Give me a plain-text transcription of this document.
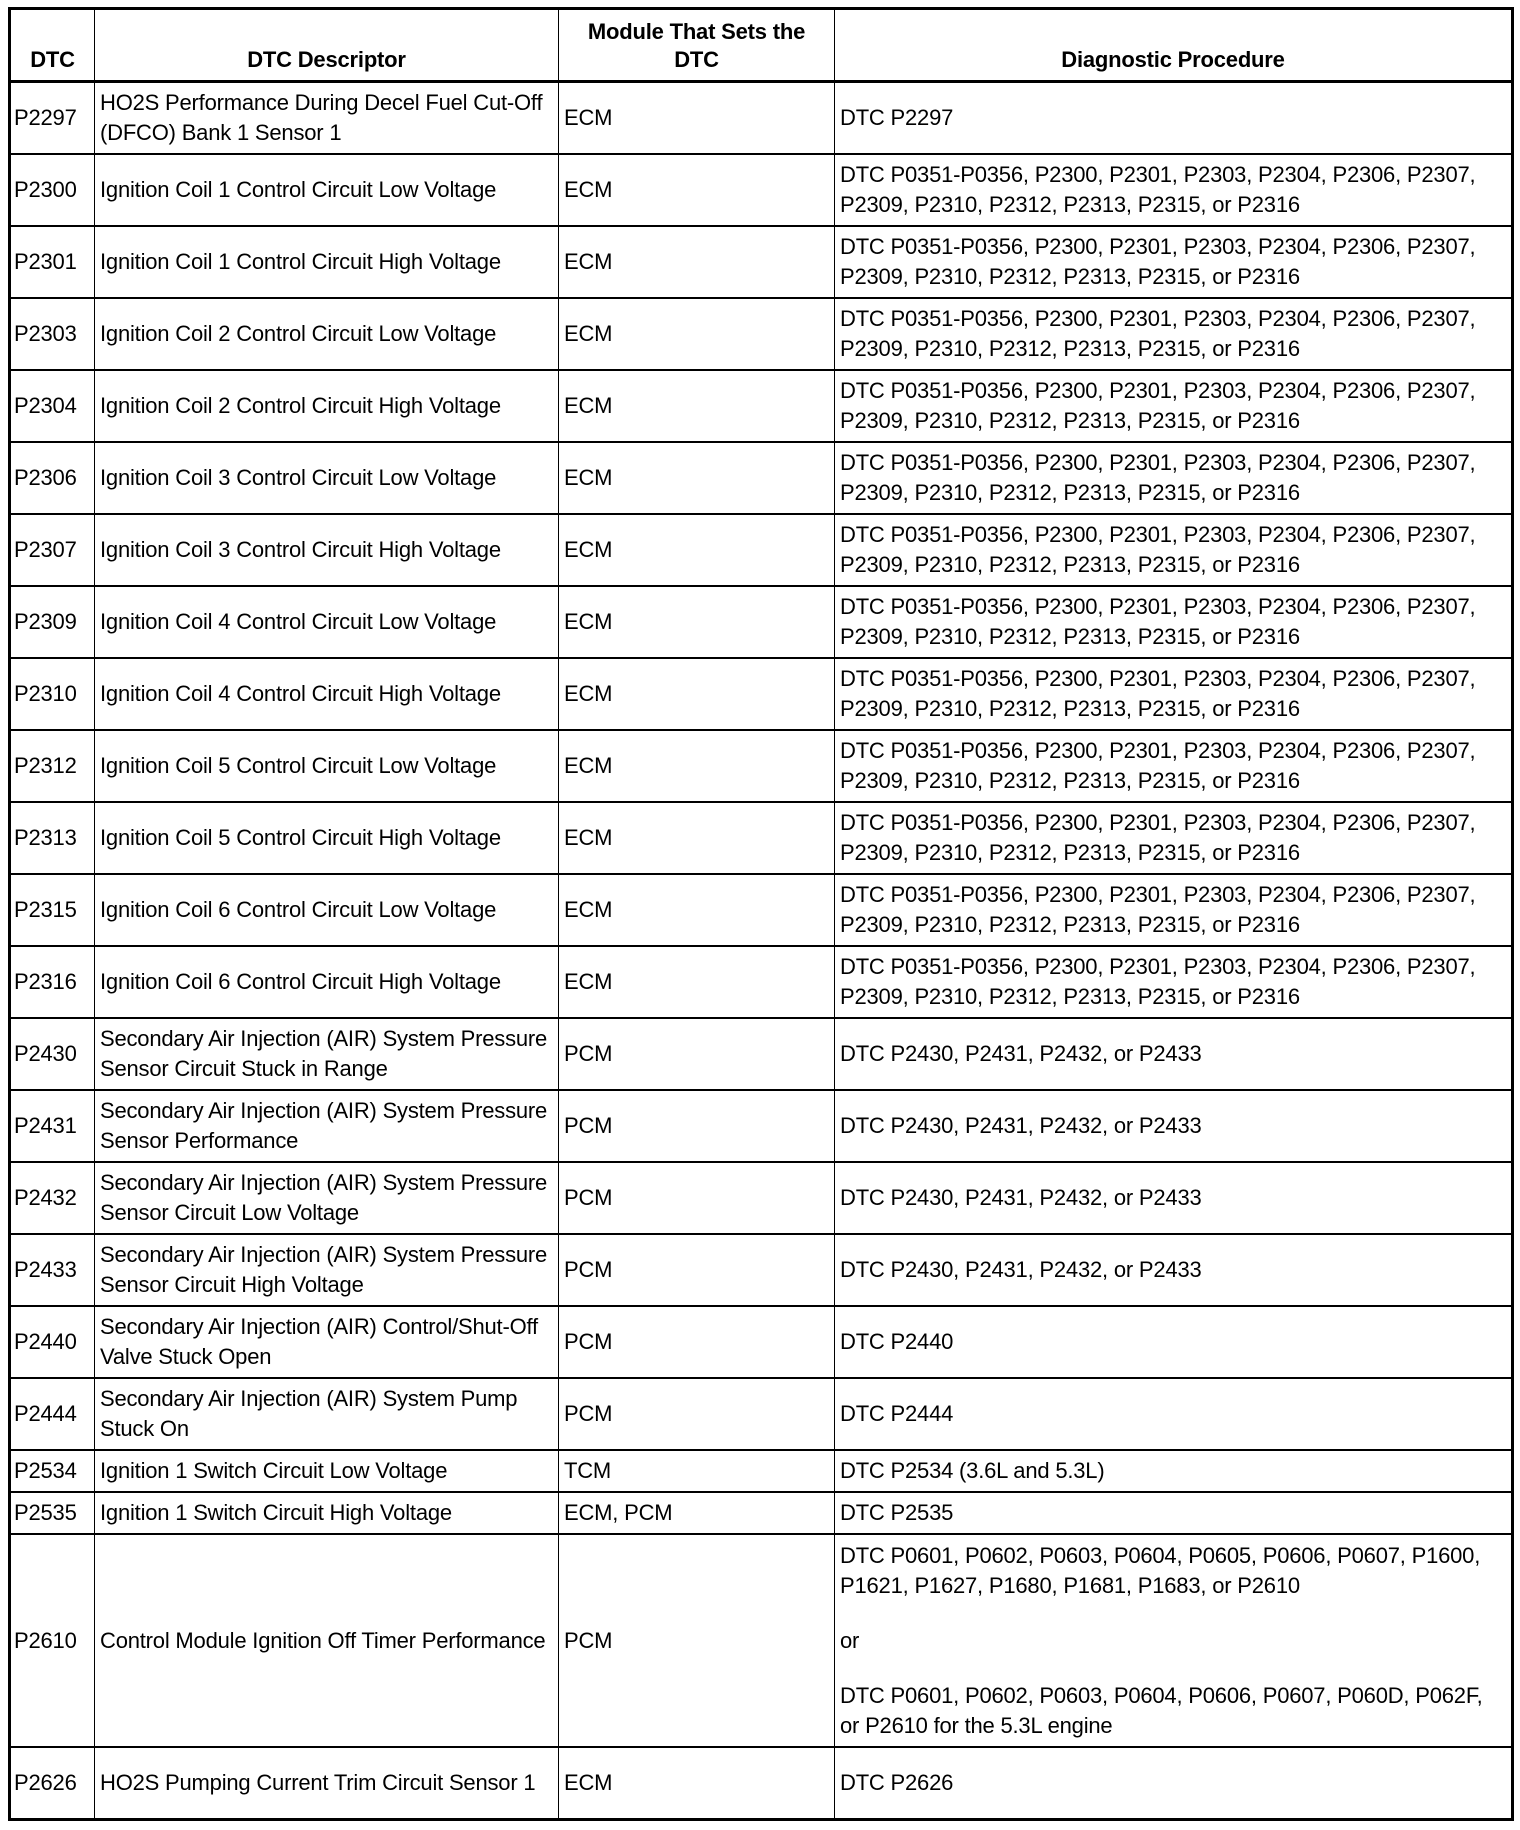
DTC	DTC Descriptor	Module That Sets the DTC	Diagnostic Procedure
P2297	HO2S Performance During Decel Fuel Cut-Off (DFCO) Bank 1 Sensor 1	ECM	DTC P2297

P2300	Ignition Coil 1 Control Circuit Low Voltage	ECM	DTC P0351-P0356, P2300, P2301, P2303, P2304, P2306, P2307, P2309, P2310, P2312, P2313, P2315, or P2316

P2301	Ignition Coil 1 Control Circuit High Voltage	ECM	DTC P0351-P0356, P2300, P2301, P2303, P2304, P2306, P2307, P2309, P2310, P2312, P2313, P2315, or P2316

P2303	Ignition Coil 2 Control Circuit Low Voltage	ECM	DTC P0351-P0356, P2300, P2301, P2303, P2304, P2306, P2307, P2309, P2310, P2312, P2313, P2315, or P2316

P2304	Ignition Coil 2 Control Circuit High Voltage	ECM	DTC P0351-P0356, P2300, P2301, P2303, P2304, P2306, P2307, P2309, P2310, P2312, P2313, P2315, or P2316

P2306	Ignition Coil 3 Control Circuit Low Voltage	ECM	DTC P0351-P0356, P2300, P2301, P2303, P2304, P2306, P2307, P2309, P2310, P2312, P2313, P2315, or P2316

P2307	Ignition Coil 3 Control Circuit High Voltage	ECM	DTC P0351-P0356, P2300, P2301, P2303, P2304, P2306, P2307, P2309, P2310, P2312, P2313, P2315, or P2316

P2309	Ignition Coil 4 Control Circuit Low Voltage	ECM	DTC P0351-P0356, P2300, P2301, P2303, P2304, P2306, P2307, P2309, P2310, P2312, P2313, P2315, or P2316

P2310	Ignition Coil 4 Control Circuit High Voltage	ECM	DTC P0351-P0356, P2300, P2301, P2303, P2304, P2306, P2307, P2309, P2310, P2312, P2313, P2315, or P2316

P2312	Ignition Coil 5 Control Circuit Low Voltage	ECM	DTC P0351-P0356, P2300, P2301, P2303, P2304, P2306, P2307, P2309, P2310, P2312, P2313, P2315, or P2316

P2313	Ignition Coil 5 Control Circuit High Voltage	ECM	DTC P0351-P0356, P2300, P2301, P2303, P2304, P2306, P2307, P2309, P2310, P2312, P2313, P2315, or P2316

P2315	Ignition Coil 6 Control Circuit Low Voltage	ECM	DTC P0351-P0356, P2300, P2301, P2303, P2304, P2306, P2307, P2309, P2310, P2312, P2313, P2315, or P2316

P2316	Ignition Coil 6 Control Circuit High Voltage	ECM	DTC P0351-P0356, P2300, P2301, P2303, P2304, P2306, P2307, P2309, P2310, P2312, P2313, P2315, or P2316

P2430	Secondary Air Injection (AIR) System Pressure Sensor Circuit Stuck in Range	PCM	DTC P2430, P2431, P2432, or P2433

P2431	Secondary Air Injection (AIR) System Pressure Sensor Performance	PCM	DTC P2430, P2431, P2432, or P2433

P2432	Secondary Air Injection (AIR) System Pressure Sensor Circuit Low Voltage	PCM	DTC P2430, P2431, P2432, or P2433

P2433	Secondary Air Injection (AIR) System Pressure Sensor Circuit High Voltage	PCM	DTC P2430, P2431, P2432, or P2433

P2440	Secondary Air Injection (AIR) Control/Shut-Off Valve Stuck Open	PCM	DTC P2440

P2444	Secondary Air Injection (AIR) System Pump Stuck On	PCM	DTC P2444

P2534	Ignition 1 Switch Circuit Low Voltage	TCM	DTC P2534 (3.6L and 5.3L)

P2535	Ignition 1 Switch Circuit High Voltage	ECM, PCM	DTC P2535

P2610	Control Module Ignition Off Timer Performance	PCM	DTC P0601, P0602, P0603, P0604, P0605, P0606, P0607, P1600, P1621, P1627, P1680, P1681, P1683, or P2610
or
DTC P0601, P0602, P0603, P0604, P0606, P0607, P060D, P062F, or P2610 for the 5.3L engine

P2626	HO2S Pumping Current Trim Circuit Sensor 1	ECM	DTC P2626
